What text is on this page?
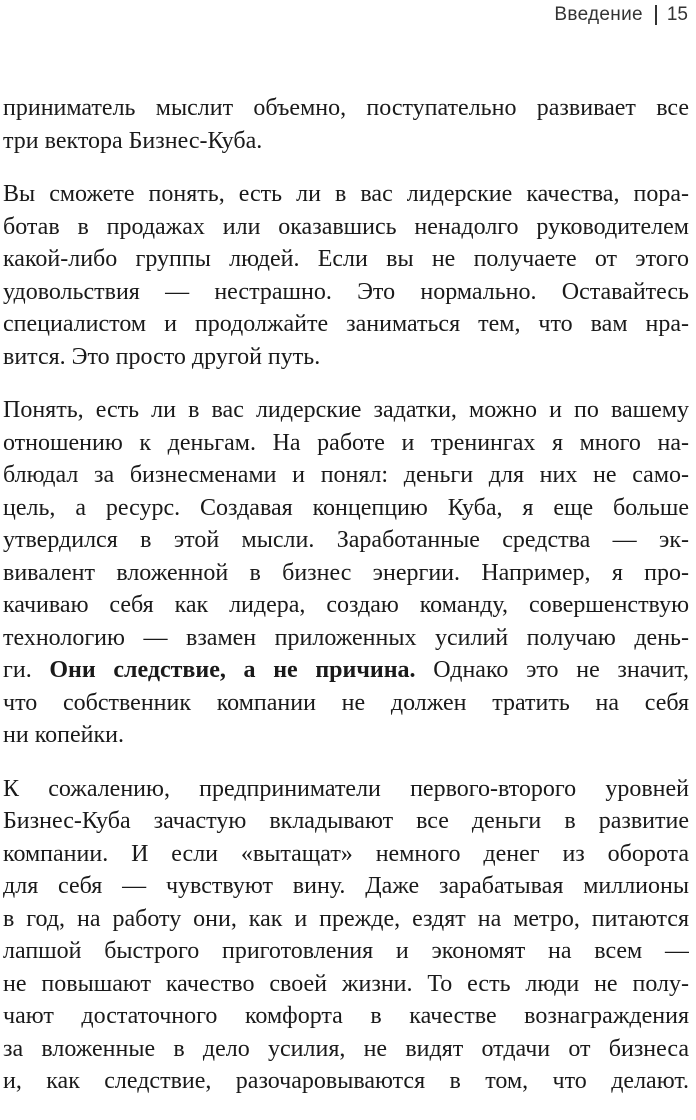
Введение 15
приниматель мыслит объемно, поступательно развивает все
три вектора Бизнес-Куба.
Вы сможете понять, есть ли в вас лидерские качества, пора-
ботав в продажах или оказавшись ненадолго руководителем
какой-либо группы людей. Если вы не получаете от этого
удовольствия — нестрашно. Это нормально. Оставайтесь
специалистом и продолжайте заниматься тем, что вам нра-
вится. Это просто другой путь.
Понять, есть ли в вас лидерские задатки, можно и по вашему
отношению к деньгам. На работе и тренингах я много на-
блюдал за бизнесменами и понял: деньги для них не само-
цель, а ресурс. Создавая концепцию Куба, я еще больше
утвердился в этой мысли. Заработанные средства — эк-
вивалент вложенной в бизнес энергии. Например, я про-
качиваю себя как лидера, создаю команду, совершенствую
технологию — взамен приложенных усилий получаю день-
ги. Они следствие, а не причина. Однако это не значит,
что собственник компании не должен тратить на себя
ни копейки.
К сожалению, предприниматели первого-второго уровней
Бизнес-Куба зачастую вкладывают все деньги в развитие
компании. И если «вытащат» немного денег из оборота
для себя — чувствуют вину. Даже зарабатывая миллионы
в год, на работу они, как и прежде, ездят на метро, питаются
лапшой быстрого приготовления и экономят на всем —
не повышают качество своей жизни. То есть люди не полу-
чают достаточного комфорта в качестве вознаграждения
за вложенные в дело усилия, не видят отдачи от бизнеса
и, как следствие, разочаровываются в том, что делают.
